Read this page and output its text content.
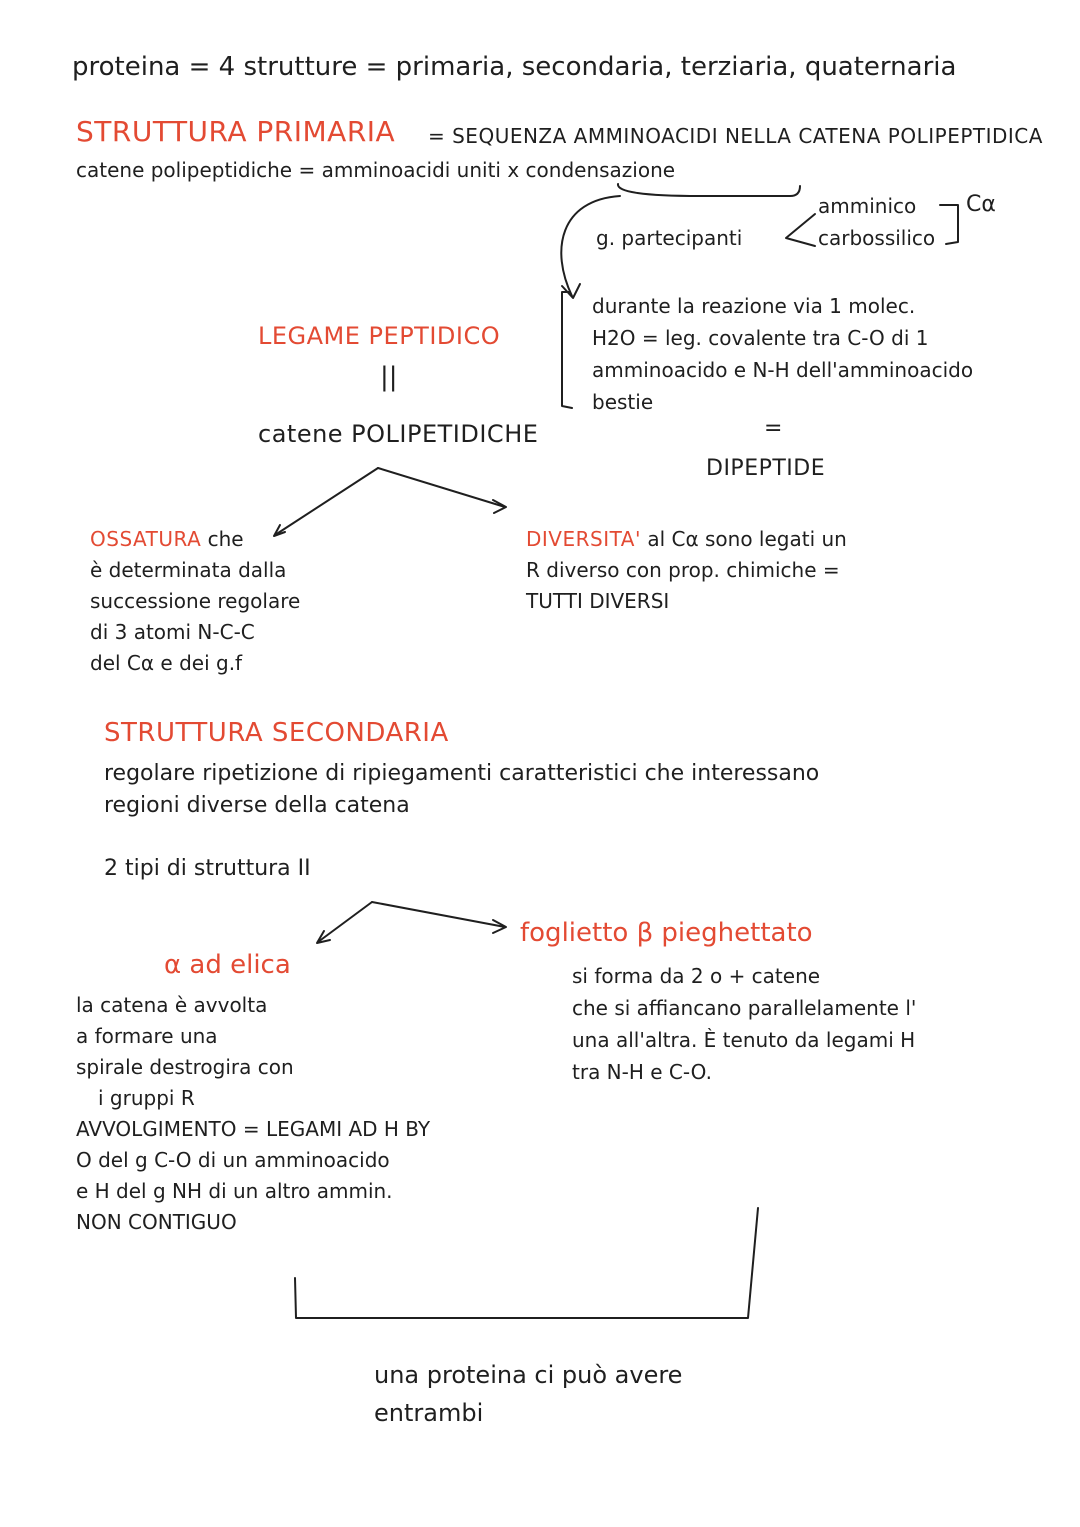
proteina = 4 strutture = primaria, secondaria, terziaria, quaternaria
STRUTTURA PRIMARIA = SEQUENZA AMMINOACIDI NELLA CATENA POLIPEPTIDICA
catene polipeptidiche = amminoacidi uniti x condensazione
g. partecipanti
amminico
carbossilico
Cα
durante la reazione via 1 molec.
H2O = leg. covalente tra C-O di 1
amminoacido e N-H dell'amminoacido
bestie
=
DIPEPTIDE
LEGAME PEPTIDICO
||
catene POLIPETIDICHE
OSSATURA che
è determinata dalla
successione regolare
di 3 atomi N-C-C
del Cα e dei g.f
DIVERSITA' al Cα sono legati un
R diverso con prop. chimiche =
TUTTI DIVERSI
STRUTTURA SECONDARIA
regolare ripetizione di ripiegamenti caratteristici che interessano
regioni diverse della catena
2 tipi di struttura II
α ad elica
la catena è avvolta
a formare una
spirale destrogira con
i gruppi R
AVVOLGIMENTO = LEGAMI AD H BY
O del g C-O di un amminoacido
e H del g NH di un altro ammin.
NON CONTIGUO
foglietto β pieghettato
si forma da 2 o + catene
che si affiancano parallelamente l'
una all'altra. È tenuto da legami H
tra N-H e C-O.
una proteina ci può avere
entrambi
